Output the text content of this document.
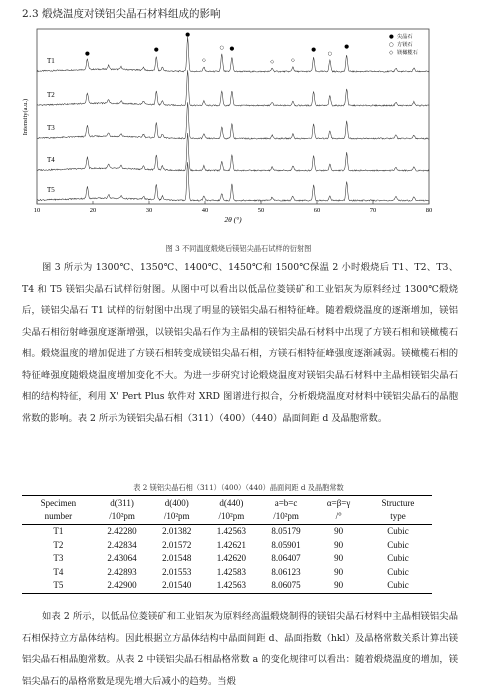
2.3 煅烧温度对镁铝尖晶石材料组成的影响
T1
T2
T3
T4
T5
●
●
●
○ ●
◇	◇
●
○
●
◇
10	20	30	40	50	60	70	80
2θ (°)
Intensity(a.u.)
● 尖晶石
○ 方镁石
◇ 镁橄榄石
图 3 不同温度煅烧后镁铝尖晶石试样的衍射图
图 3 所示为 1300℃、1350℃、1400℃、1450℃和 1500℃保温 2 小时煅烧后 T1、T2、T3、T4 和 T5 镁铝尖晶石试样衍射图。从图中可以看出以低品位菱镁矿和工业铝灰为原料经过 1300℃煅烧后，镁铝尖晶石 T1 试样的衍射图中出现了明显的镁铝尖晶石相特征峰。随着煅烧温度的逐渐增加，镁铝尖晶石相衍射峰强度逐渐增强，以镁铝尖晶石作为主晶相的镁铝尖晶石材料中出现了方镁石相和镁橄榄石相。煅烧温度的增加促进了方镁石相转变成镁铝尖晶石相，方镁石相特征峰强度逐渐减弱。镁橄榄石相的特征峰强度随煅烧温度增加变化不大。为进一步研究讨论煅烧温度对镁铝尖晶石材料中主晶相镁铝尖晶石相的结构特征，利用 X' Pert Plus 软件对 XRD 图谱进行拟合，分析煅烧温度对材料中镁铝尖晶石的晶胞常数的影响。表 2 所示为镁铝尖晶石相（311）（400）（440）晶面间距 d 及晶胞常数。
表 2 镁铝尖晶石相（311）（400）（440）晶面间距 d 及晶胞常数
Specimen
number	d(311)
/10²pm	d(400)
/10²pm	d(440)
/10²pm	a=b=c
/10²pm	α=β=γ
/°	Structure
type
T1	2.42280	2.01382	1.42563	8.05179	90	Cubic
T2	2.42834	2.01572	1.42621	8.05901	90	Cubic
T3	2.43064	2.01548	1.42620	8.06407	90	Cubic
T4	2.42893	2.01553	1.42583	8.06123	90	Cubic
T5	2.42900	2.01540	1.42563	8.06075	90	Cubic
如表 2 所示，以低品位菱镁矿和工业铝灰为原料经高温煅烧制得的镁铝尖晶石材料中主晶相镁铝尖晶石相保持立方晶体结构。因此根据立方晶体结构中晶面间距 d、晶面指数（hkl）及晶格常数关系计算出镁铝尖晶石相晶胞常数。从表 2 中镁铝尖晶石相晶格常数 a 的变化规律可以看出：随着煅烧温度的增加，镁铝尖晶石的晶格常数是现先增大后减小的趋势。当煅
